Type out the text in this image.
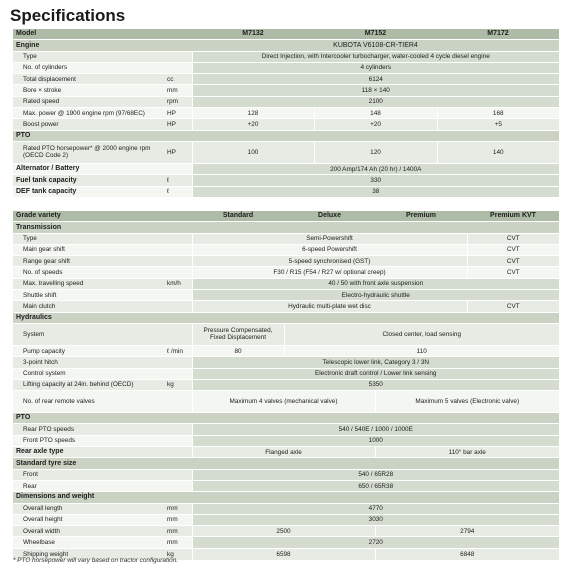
Specifications
Model		M7132	M7152	M7172
Engine		KUBOTA V6108-CR-TIER4		
Type		Direct Injection, with Intercooler turbocharger, water-cooled 4 cycle diesel engine		
No. of cylinders		4 cylinders		
Total displacement	cc	6124		
Bore × stroke	mm	118 × 140		
Rated speed	rpm	2100		
Max. power @ 1900 engine rpm (97/68EC)	HP	128	148	168
Boost power	HP	+20	+20	+5
PTO				
Rated PTO horsepower* @ 2000 engine rpm (OECD Code 2)	HP	100	120	140
Alternator / Battery		200 Amp/174 Ah (20 hr) / 1400A		
Fuel tank capacity	ℓ	330		
DEF tank capacity	ℓ	38		
Grade variety		Standard	Deluxe	Premium	Premium KVT
Transmission					
Type		Semi-Powershift			CVT
Main gear shift		6-speed Powershift			CVT
Range gear shift		5-speed synchronised (GST)			CVT
No. of speeds		F30 / R15 (F54 / R27 w/ optional creep)			CVT
Max. travelling speed	km/h	40 / 50 with front axle suspension			
Shuttle shift		Electro-hydraulic shuttle			
Main clutch		Hydraulic multi-plate wet disc			CVT
Hydraulics					
System		Pressure Compensated, Fixed Displacement	Closed center, load sensing		
Pump capacity	ℓ /min	80	110		
3-point hitch		Telescopic lower link, Category 3 / 3N			
Control system		Electronic draft control / Lower link sensing			
Lifting capacity at 24in. behind (OECD)	kg	5350			
No. of rear remote valves		Maximum 4 valves (mechanical valve)		Maximum 5 valves (Electronic valve)	
PTO					
Rear PTO speeds		540 / 540E / 1000 / 1000E			
Front PTO speeds		1000			
Rear axle type		Flanged axle		110° bar axle	
Standard tyre size					
Front		540 / 65R28			
Rear		650 / 65R38			
Dimensions and weight					
Overall length	mm	4770			
Overall height	mm	3030			
Overall width	mm	2500		2794	
Wheelbase	mm	2720			
Shipping weight	kg	6598		6848	
* PTO horsepower will vary based on tractor configuration.
